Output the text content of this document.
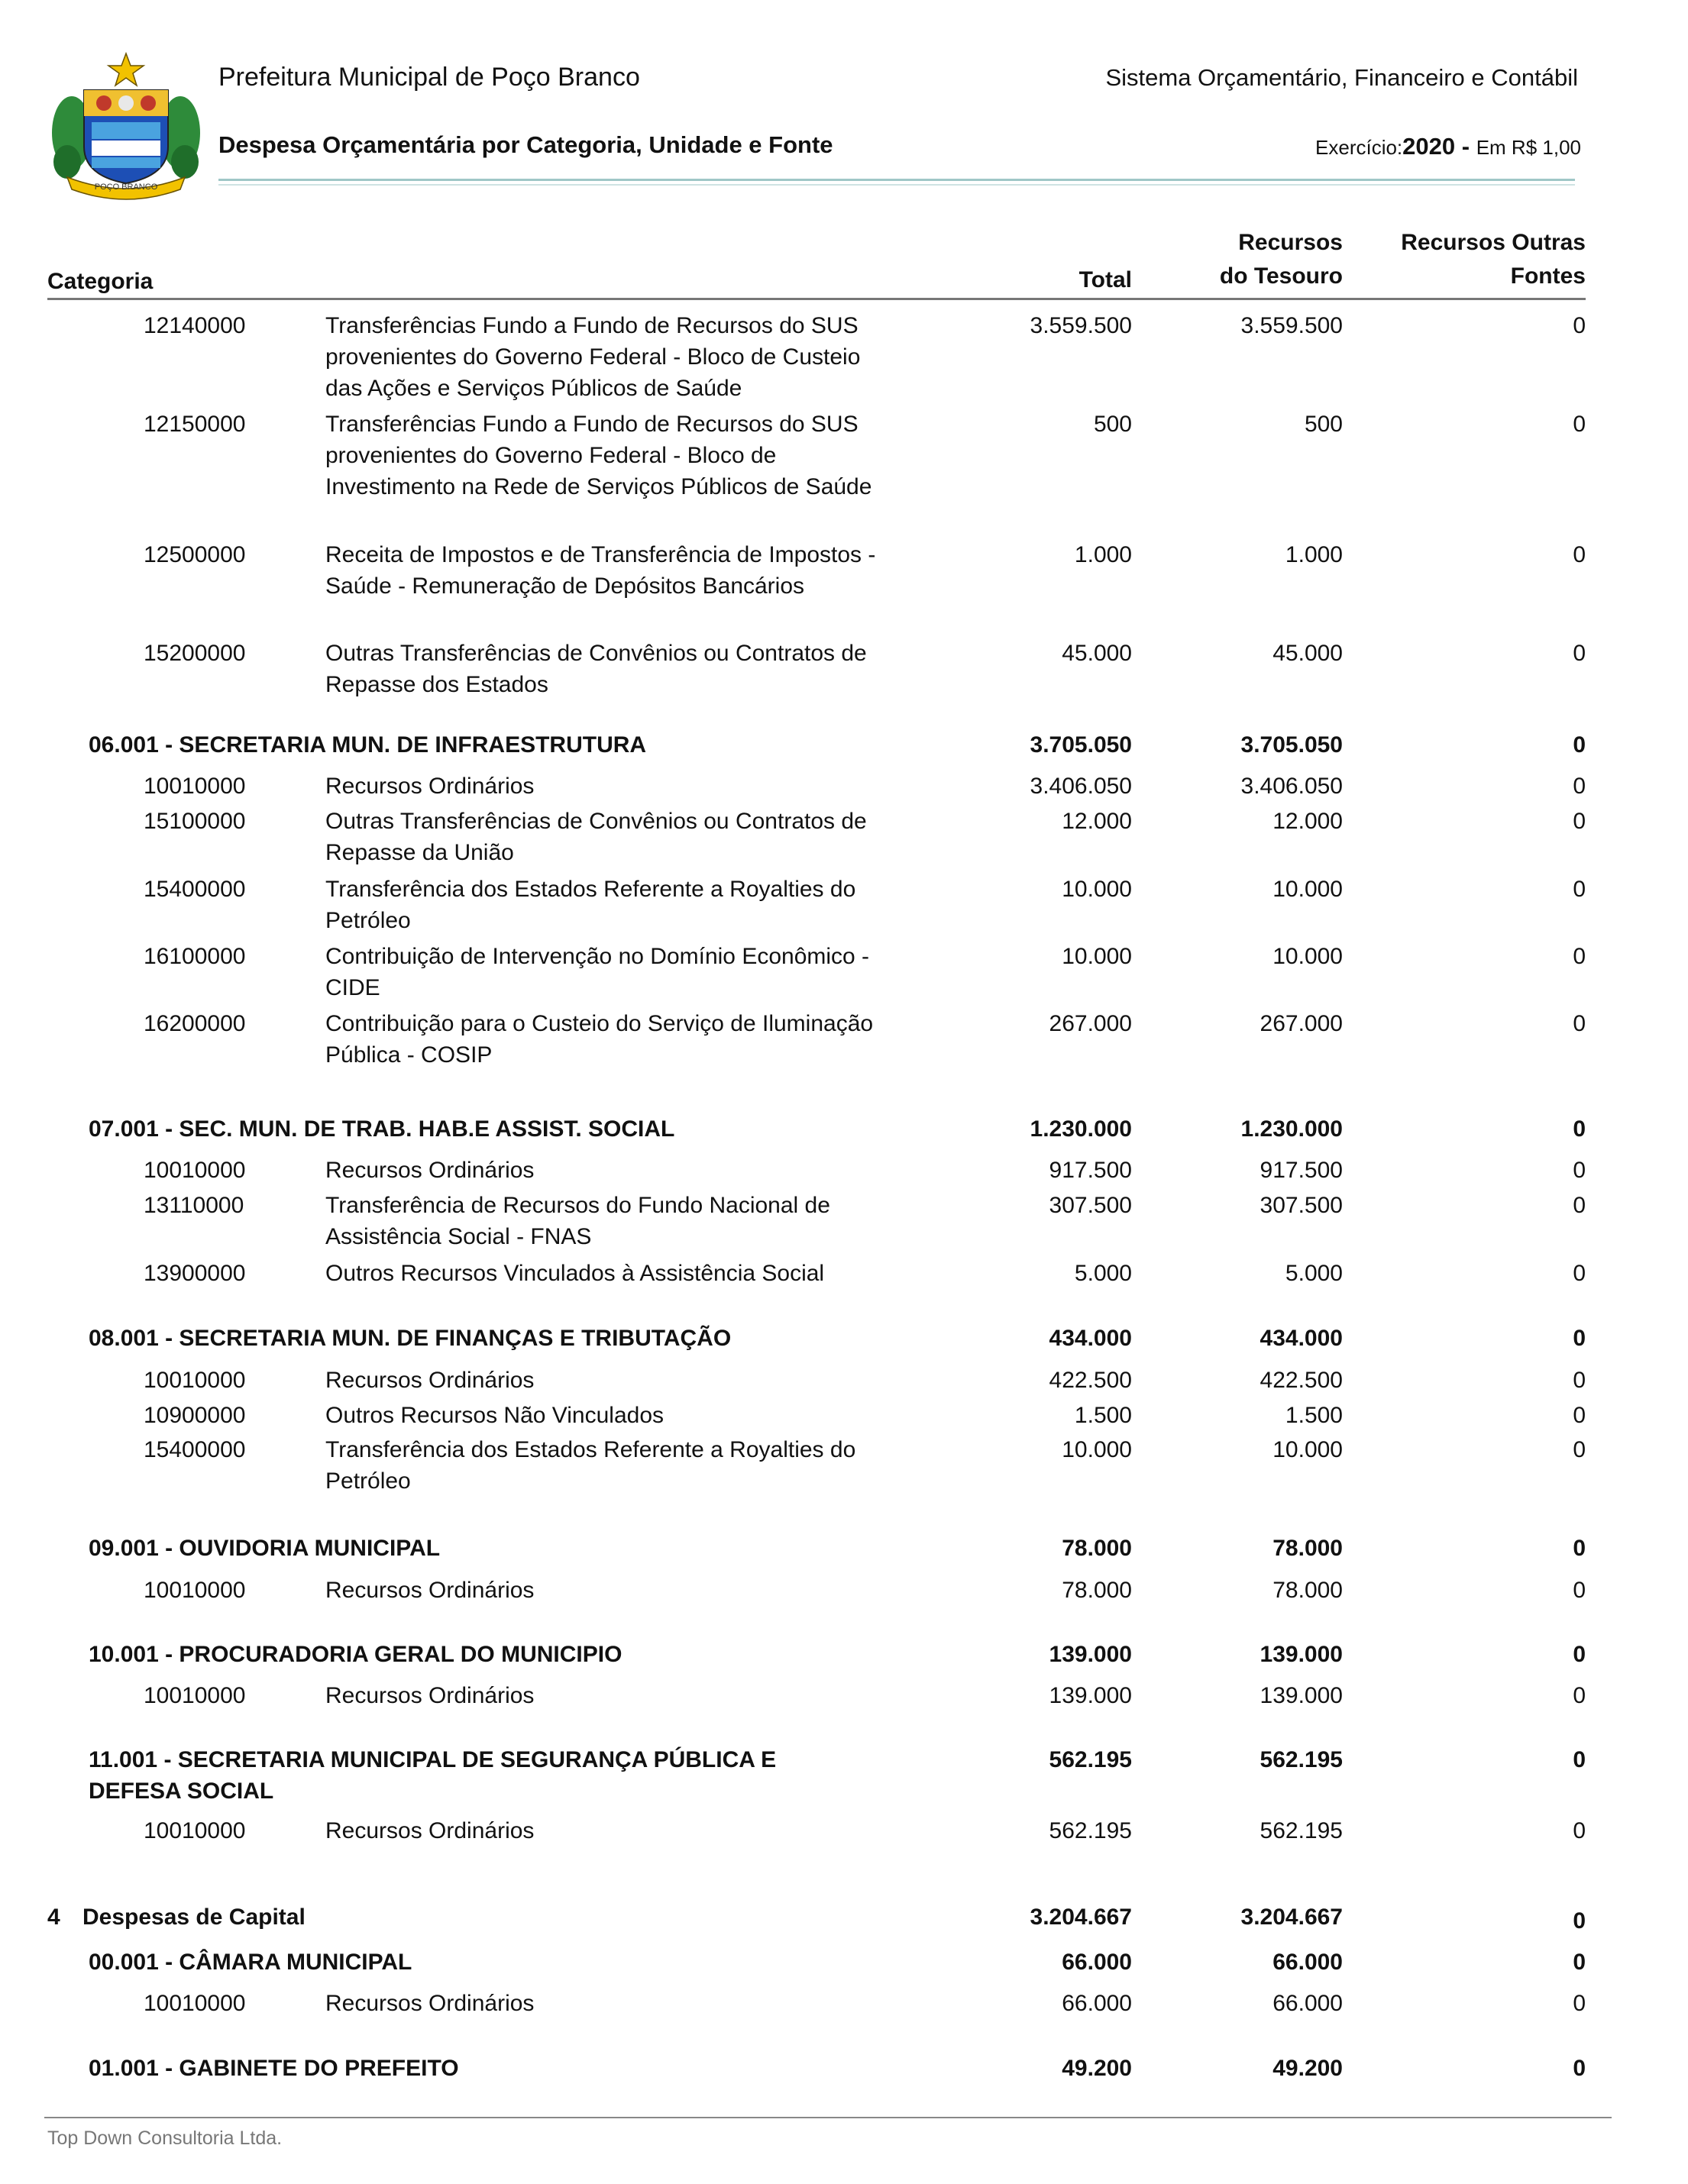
POÇO BRANCO
Prefeitura Municipal de Poço Branco	Sistema Orçamentário, Financeiro e Contábil
Despesa Orçamentária por Categoria, Unidade e Fonte	Exercício:2020 - Em R$ 1,00
Categoria	Total
Recursos
do Tesouro
Recursos Outras
Fontes
12140000	Transferências Fundo a Fundo de Recursos do SUS provenientes do Governo Federal - Bloco de Custeio das Ações e Serviços Públicos de Saúde
3.559.500	3.559.500	0
12150000	Transferências Fundo a Fundo de Recursos do SUS provenientes do Governo Federal - Bloco de Investimento na Rede de Serviços Públicos de Saúde
500	500	0
12500000	Receita de Impostos e de Transferência de Impostos - Saúde - Remuneração de Depósitos Bancários
1.000	1.000	0
15200000	Outras Transferências de Convênios ou Contratos de Repasse dos Estados
45.000	45.000	0
06.001 - SECRETARIA MUN. DE INFRAESTRUTURA	3.705.050	3.705.050	0
10010000	Recursos Ordinários	3.406.050	3.406.050	0
15100000	Outras Transferências de Convênios ou Contratos de Repasse da União
12.000	12.000	0
15400000	Transferência dos Estados Referente a Royalties do Petróleo
10.000	10.000	0
16100000	Contribuição de Intervenção no Domínio Econômico - CIDE
10.000	10.000	0
16200000	Contribuição para o Custeio do Serviço de Iluminação Pública - COSIP
267.000	267.000	0
07.001 - SEC. MUN. DE TRAB. HAB.E ASSIST. SOCIAL	1.230.000	1.230.000	0
10010000	Recursos Ordinários	917.500	917.500	0
13110000	Transferência de Recursos do Fundo Nacional de Assistência Social - FNAS
307.500	307.500	0
13900000	Outros Recursos Vinculados à Assistência Social	5.000	5.000	0
08.001 - SECRETARIA MUN. DE FINANÇAS E TRIBUTAÇÃO	434.000	434.000	0
10010000	Recursos Ordinários	422.500	422.500	0
10900000	Outros Recursos Não Vinculados	1.500	1.500	0
15400000	Transferência dos Estados Referente a Royalties do Petróleo
10.000	10.000	0
09.001 - OUVIDORIA MUNICIPAL	78.000	78.000	0
10010000	Recursos Ordinários	78.000	78.000	0
10.001 - PROCURADORIA GERAL DO MUNICIPIO	139.000	139.000	0
10010000	Recursos Ordinários	139.000	139.000	0
11.001 - SECRETARIA MUNICIPAL DE SEGURANÇA PÚBLICA E DEFESA SOCIAL
562.195	562.195	0
10010000	Recursos Ordinários	562.195	562.195	0
4 Despesas de Capital	3.204.667	3.204.667	0
00.001 - CÂMARA MUNICIPAL	66.000	66.000	0
10010000	Recursos Ordinários	66.000	66.000	0
01.001 - GABINETE DO PREFEITO	49.200	49.200	0
Top Down Consultoria Ltda.
